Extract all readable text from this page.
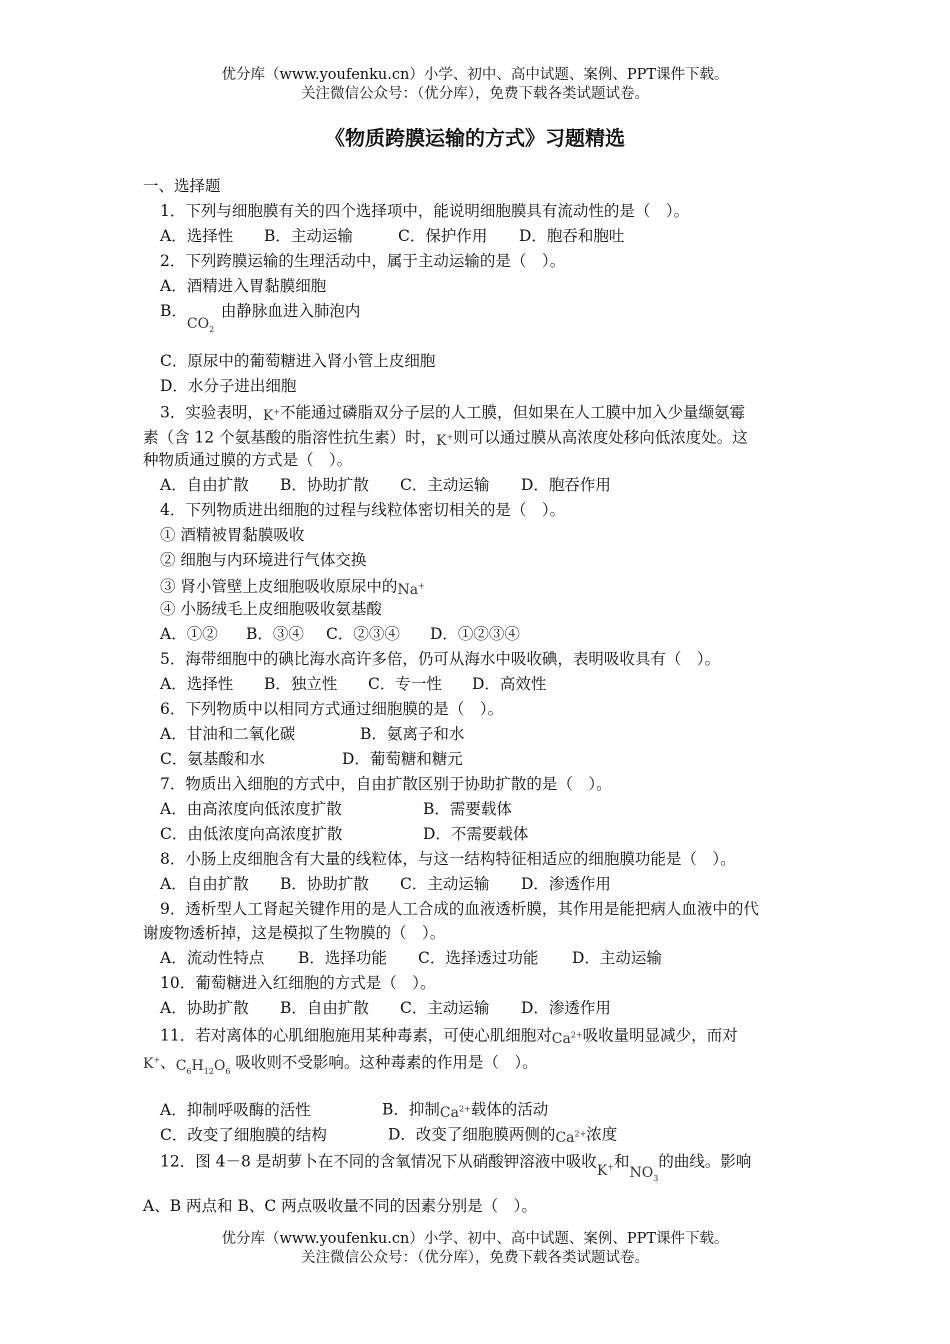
优分库（www.youfenku.cn）小学、初中、高中试题、案例、PPT课件下载。
关注微信公众号：（优分库），免费下载各类试题试卷。
《物质跨膜运输的方式》习题精选
一、选择题
1．下列与细胞膜有关的四个选择项中，能说明细胞膜具有流动性的是（　）。
A．选择性 B．主动运输	C．保护作用 D．胞吞和胞吐
2．下列跨膜运输的生理活动中，属于主动运输的是（　）。
A．酒精进入胃黏膜细胞
B．$CO_2$由静脉血进入肺泡内
C．原尿中的葡萄糖进入肾小管上皮细胞
D．水分子进出细胞
3．实验表明，K+不能通过磷脂双分子层的人工膜，但如果在人工膜中加入少量缬氨霉
素（含 12 个氨基酸的脂溶性抗生素）时，K+则可以通过膜从高浓度处移向低浓度处。这
种物质通过膜的方式是（　）。
A．自由扩散 B．协助扩散 C．主动运输 D．胞吞作用
4．下列物质进出细胞的过程与线粒体密切相关的是（　）。
① 酒精被胃黏膜吸收
② 细胞与内环境进行气体交换
③ 肾小管壁上皮细胞吸收原尿中的Na+
④ 小肠绒毛上皮细胞吸收氨基酸
A．①② B．③④ C．②③④ D．①②③④
5．海带细胞中的碘比海水高许多倍，仍可从海水中吸收碘，表明吸收具有（　）。
A．选择性 B．独立性 C．专一性 D．高效性
6．下列物质中以相同方式通过细胞膜的是（　）。
A．甘油和二氧化碳	B．氨离子和水
C．氨基酸和水	D．葡萄糖和糖元
7．物质出入细胞的方式中，自由扩散区别于协助扩散的是（　）。
A．由高浓度向低浓度扩散	B．需要载体
C．由低浓度向高浓度扩散	D．不需要载体
8．小肠上皮细胞含有大量的线粒体，与这一结构特征相适应的细胞膜功能是（　）。
A．自由扩散 B．协助扩散 C．主动运输 D．渗透作用
9．透析型人工肾起关键作用的是人工合成的血液透析膜，其作用是能把病人血液中的代
谢废物透析掉，这是模拟了生物膜的（　）。
A．流动性特点 B．选择功能 C．选择透过功能 D．主动运输
10．葡萄糖进入红细胞的方式是（　）。
A．协助扩散 B．自由扩散 C．主动运输 D．渗透作用
11．若对离体的心肌细胞施用某种毒素，可使心肌细胞对$Ca^{2+}$吸收量明显减少，而对
K+、$C_6H_{12}O_6$ 吸收则不受影响。这种毒素的作用是（　）。
A．抑制呼吸酶的活性	B．抑制$Ca^{2+}$载体的活动
C．改变了细胞膜的结构	D．改变了细胞膜两侧的$Ca^{2+}$浓度
12．图 4－8 是胡萝卜在不同的含氧情况下从硝酸钾溶液中吸收K+和$NO_3$的曲线。影响
A、B 两点和 B、C 两点吸收量不同的因素分别是（　）。
优分库（www.youfenku.cn）小学、初中、高中试题、案例、PPT课件下载。
关注微信公众号：（优分库），免费下载各类试题试卷。
